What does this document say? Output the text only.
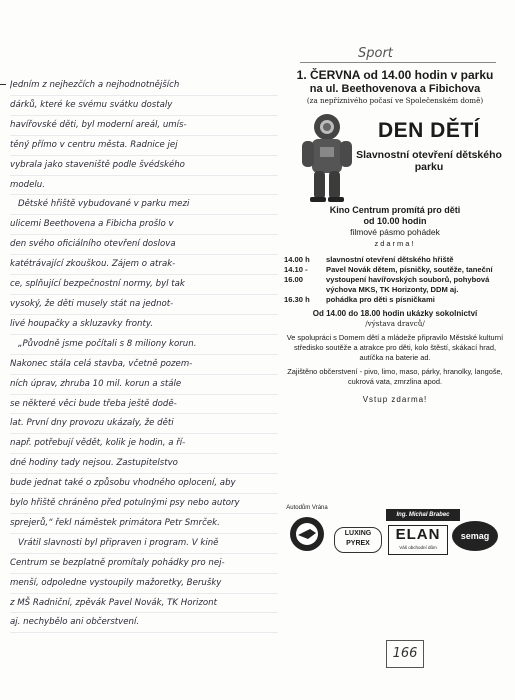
Jedním z nejhezčích a nejhodnotnějších
dárků, které ke svému svátku dostaly
havířovské děti, byl moderní areál, umís-
těný přímo v centru města. Radnice jej
vybrala jako staveniště podle švédského
modelu.
Dětské hřiště vybudované v parku mezi
ulicemi Beethovena a Fibicha prošlo v
den svého oficiálního otevření doslova
katétrávající zkouškou. Zájem o atrak-
ce, splňující bezpečnostní normy, byl tak
vysoký, že děti musely stát na jednot-
livé houpačky a skluzavky fronty.
„Původně jsme počítali s 8 miliony korun.
Nakonec stála celá stavba, včetně pozem-
ních úprav, zhruba 10 mil. korun a stále
se některé věci bude třeba ještě dodě-
lat. První dny provozu ukázaly, že děti
např. potřebují vědět, kolik je hodin, a ří-
dné hodiny tady nejsou. Zastupitelstvo
bude jednat také o způsobu vhodného oplocení, aby
bylo hřiště chráněno před potulnými psy nebo autory
sprejerů,“ řekl náměstek primátora Petr Smrček.
Vrátil slavnosti byl připraven i program. V kině
Centrum se bezplatně promítaly pohádky pro nej-
menší, odpoledne vystoupily mažoretky, Berušky
z MŠ Radniční, zpěvák Pavel Novák, TK Horizont
aj. nechybělo ani občerstvení.
Sport
1. ČERVNA od 14.00 hodin v parku
na ul. Beethovenova a Fibichova
(za nepříznivého počasí ve Společenském domě)
DEN DĚTÍ
Slavnostní otevření dětského parku
Kino Centrum promítá pro děti
od 10.00 hodin
filmové pásmo pohádek
zdarma!
14.00 h	slavnostní otevření dětského hřiště
14.10 - 16.00
Pavel Novák dětem, písničky, soutěže, taneční vystoupení havířovských souborů, pohybová výchova MKS, TK Horizonty, DDM aj.
16.30 h	pohádka pro děti s písničkami
Od 14.00 do 18.00 hodin ukázky sokolnictví
/výstava dravců/
Ve spolupráci s Domem dětí a mládeže připravilo Městské kulturní středisko soutěže a atrakce pro děti, kolo štěstí, skákací hrad, autíčka na baterie ad.
Zajištěno občerstvení - pivo, limo, maso, párky, hranolky, langoše, cukrová vata, zmrzlina apod.
Vstup zdarma!
Autodům Vrána
LUXING
PYREX
Ing. Michal Brabec
ELAN
Váš obchodní dům
semag
166
